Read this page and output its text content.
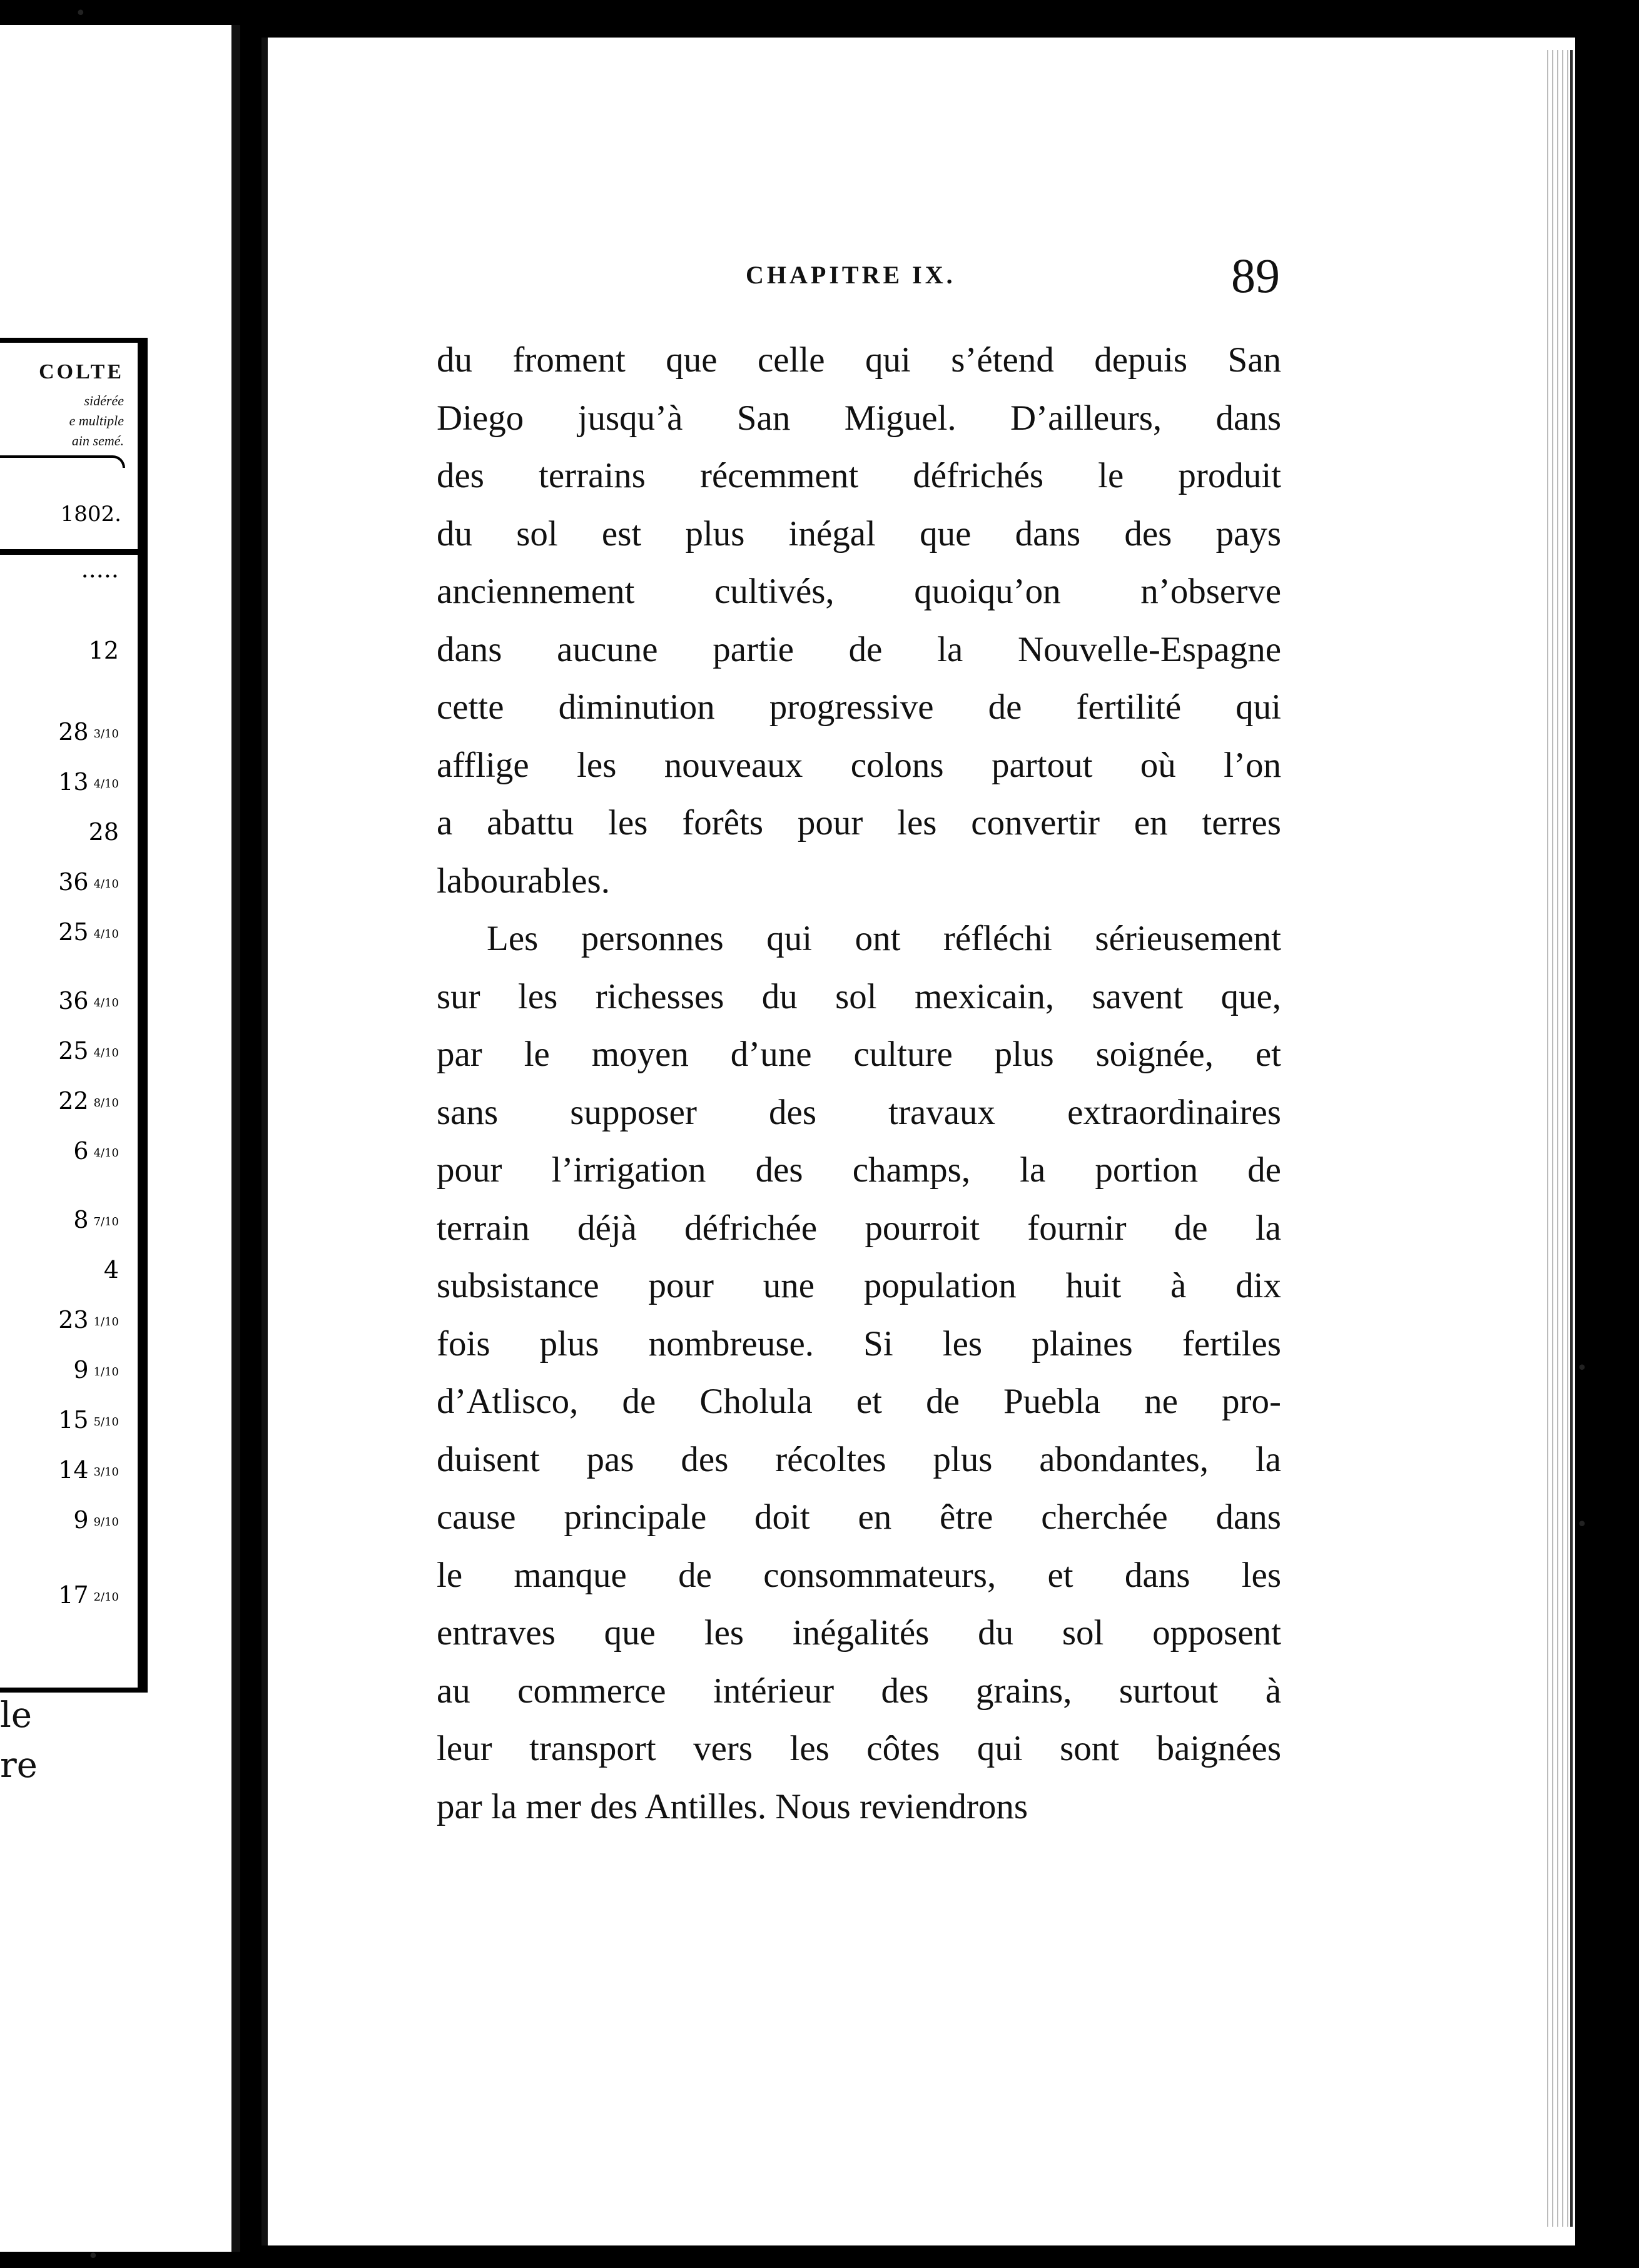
COLTE
sidérée
e multiple
ain semé.
1802.
.....
12
28 3/10
13 4/10
28
36 4/10
25 4/10
36 4/10
25 4/10
22 8/10
6 4/10
8 7/10
4
23 1/10
9 1/10
15 5/10
14 3/10
9 9/10
17 2/10
le
re
CHAPITRE IX.	89
du froment que celle qui s’étend depuis San
Diego jusqu’à San Miguel. D’ailleurs, dans
des terrains récemment défrichés le produit
du sol est plus inégal que dans des pays
anciennement cultivés, quoiqu’on n’observe
dans aucune partie de la Nouvelle-Espagne
cette diminution progressive de fertilité qui
afflige les nouveaux colons partout où l’on
a abattu les forêts pour les convertir en terres
labourables.
Les personnes qui ont réfléchi sérieusement
sur les richesses du sol mexicain, savent que,
par le moyen d’une culture plus soignée, et
sans supposer des travaux extraordinaires
pour l’irrigation des champs, la portion de
terrain déjà défrichée pourroit fournir de la
subsistance pour une population huit à dix
fois plus nombreuse. Si les plaines fertiles
d’Atlisco, de Cholula et de Puebla ne pro-
duisent pas des récoltes plus abondantes, la
cause principale doit en être cherchée dans
le manque de consommateurs, et dans les
entraves que les inégalités du sol opposent
au commerce intérieur des grains, surtout à
leur transport vers les côtes qui sont baignées
par la mer des Antilles. Nous reviendrons
•
•
•
•
